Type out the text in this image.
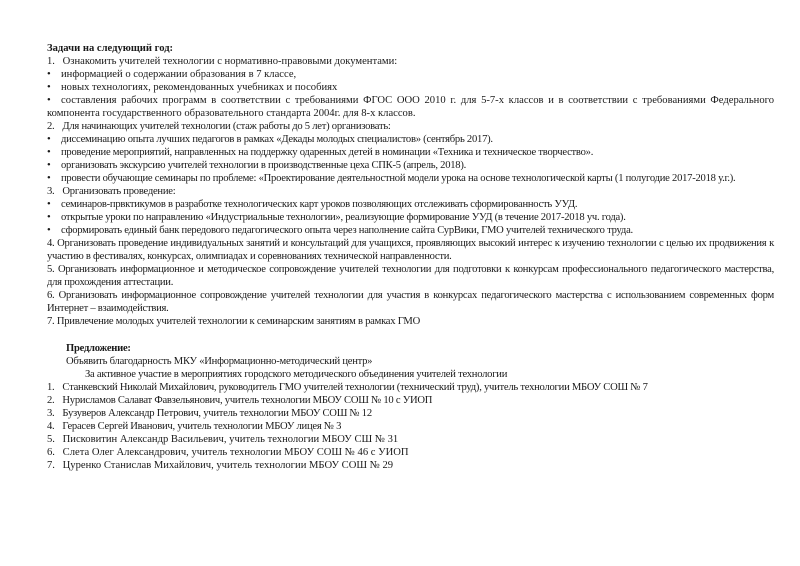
Задачи на следующий год:
1. Ознакомить учителей технологии с нормативно-правовыми документами:
• информацией о содержании образования в 7 классе,
• новых технологиях, рекомендованных учебниках и пособиях
• составления рабочих программ в соответствии с требованиями ФГОС ООО 2010 г. для 5-7-х классов и в соответствии с требованиями Федерального компонента государственного образовательного стандарта 2004г. для 8-х классов.
2. Для начинающих учителей технологии (стаж работы до 5 лет) организовать:
• диссеминацию опыта лучших педагогов в рамках «Декады молодых специалистов» (сентябрь 2017).
• проведение мероприятий, направленных на поддержку одаренных детей в номинации «Техника и техническое творчество».
• организовать экскурсию учителей технологии в производственные цеха СПК-5 (апрель, 2018).
• провести обучающие семинары по проблеме: «Проектирование деятельностной модели урока на основе технологической карты (1 полугодие 2017-2018 у.г.).
3. Организовать проведение:
• семинаров-првктикумов в разработке технологических карт уроков позволяющих отслеживать сформированность УУД.
• открытые уроки по направлению «Индустриальные технологии», реализующие формирование УУД (в течение 2017-2018 уч. года).
• сформировать единый банк передового педагогического опыта через наполнение сайта СурВики, ГМО учителей технического труда.
4. Организовать проведение индивидуальных занятий и консультаций для учащихся, проявляющих высокий интерес к изучению технологии с целью их продвижения к участию в фестивалях, конкурсах, олимпиадах и соревнованиях технической направленности.
5. Организовать информационное и методическое сопровождение учителей технологии для подготовки к конкурсам профессионального педагогического мастерства, для прохождения аттестации.
6. Организовать информационное сопровождение учителей технологии для участия в конкурсах педагогического мастерства с использованием современных форм Интернет – взаимодействия.
7. Привлечение молодых учителей технологии к семинарским занятиям в рамках ГМО
Предложение:
Объявить благодарность МКУ «Информационно-методический центр»
За активное участие в мероприятиях городского методического объединения учителей технологии
1. Станкевский Николай Михайлович, руководитель ГМО учителей технологии (технический труд), учитель технологии МБОУ СОШ № 7
2. Нурисламов Салават Фавзельянович, учитель технологии МБОУ СОШ № 10 с УИОП
3. Бузуверов Александр Петрович, учитель технологии МБОУ СОШ № 12
4. Герасев Сергей Иванович, учитель технологии МБОУ лицея № 3
5. Писковитин Александр Васильевич, учитель технологии МБОУ СШ № 31
6. Слета Олег Александрович, учитель технологии МБОУ СОШ № 46 с УИОП
7. Цуренко Станислав Михайлович, учитель технологии МБОУ СОШ № 29
